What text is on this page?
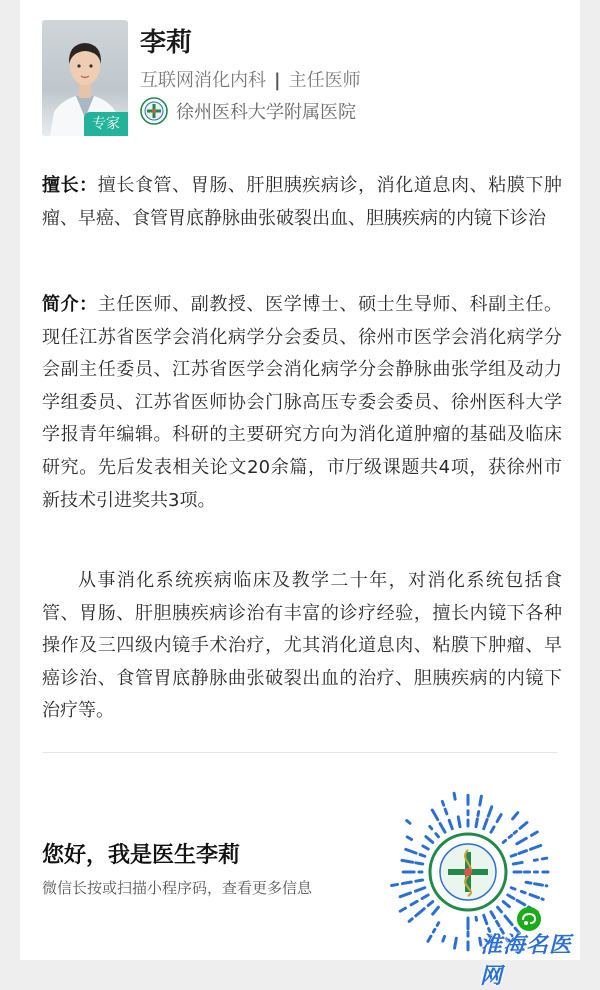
专家
李莉
互联网消化内科 | 主任医师
徐州医科大学附属医院
擅长：擅长食管、胃肠、肝胆胰疾病诊，消化道息肉、粘膜下肿瘤、早癌、食管胃底静脉曲张破裂出血、胆胰疾病的内镜下诊治
简介：主任医师、副教授、医学博士、硕士生导师、科副主任。现任江苏省医学会消化病学分会委员、徐州市医学会消化病学分会副主任委员、江苏省医学会消化病学分会静脉曲张学组及动力学组委员、江苏省医师协会门脉高压专委会委员、徐州医科大学学报青年编辑。科研的主要研究方向为消化道肿瘤的基础及临床研究。先后发表相关论文20余篇，市厅级课题共4项，获徐州市新技术引进奖共3项。
从事消化系统疾病临床及教学二十年，对消化系统包括食管、胃肠、肝胆胰疾病诊治有丰富的诊疗经验，擅长内镜下各种操作及三四级内镜手术治疗，尤其消化道息肉、粘膜下肿瘤、早癌诊治、食管胃底静脉曲张破裂出血的治疗、胆胰疾病的内镜下治疗等。
您好，我是医生李莉
微信长按或扫描小程序码，查看更多信息
淮海名医网
